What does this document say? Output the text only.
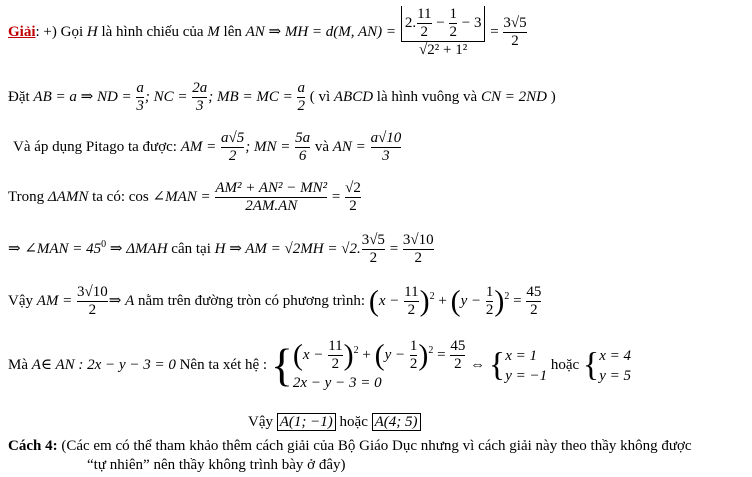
Giải: +) Gọi H là hình chiếu của M lên AN ⇒ MH = d(M, $AN) = \frac{2. \frac{11}{2} - \frac{1}{2} - 3}{\text{√2² + 1²}} = \frac{3√5}{2}$
Đặt AB = a ⇒ ND = $\frac{a}{3}$ ; NC = $\frac{2a}{3}$ ; MB = MC = $\frac{a}{2}$ ( vì ABCD là hình vuông và CN = 2ND )
Và áp dụng Pitago ta được: AM = $\frac{a√5}{2}$ ; MN = $\frac{5a}{6}$ và AN = $\frac{a√10}{3}$
Trong ΔAMN ta có: cos ∠MAN = $\frac{\text{AM² + AN² − MN²}}{2AM.AN} = \frac{√2}{2}$
⇒ ∠MAN = $45^0$ ⇒ ΔMAH cân tại H ⇒ AM = √2MH = √2. $\frac{3√5}{2} = \frac{3√10}{2}$
Vậy AM = $\frac{3√10}{2}$ ⇒ A nằm trên đường tròn có phương trình: $(x - \frac{11}{2} )^2 + (y - \frac{1}{2} )^2 = \frac{45}{2}$
Mà A∈ AN : 2x − y − 3 = 0 Nên ta xét hệ : { $(x - \frac{11}{2} )^2 + (y - \frac{1}{2} )^2 = \frac{45}{2}$
2x − y − 3 = 0
⇔ { x = 1
y = −1
hoặc { x = 4
y = 5
Vậy A(1; −1) hoặc A(4; 5)
Cách 4: (Các em có thể tham khảo thêm cách giải của Bộ Giáo Dục nhưng vì cách giải này theo thầy không được
“tự nhiên” nên thầy không trình bày ở đây)
